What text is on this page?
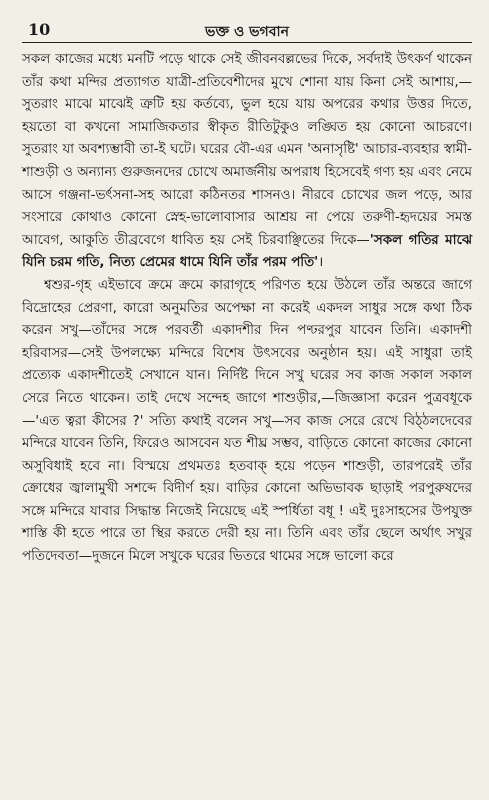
10	ভক্ত ও ভগবান

সকল কাজের মধ্যে মনটি পড়ে থাকে সেই জীবনবল্লভের দিকে, সর্বদাই উৎকর্ণ থাকেন তাঁর কথা মন্দির প্রত্যাগত যাত্রী-প্রতিবেশীদের মুখে শোনা যায় কিনা সেই আশায়,—সুতরাং মাঝে মাঝেই ত্রুটি হয় কর্তব্যে, ভুল হয়ে যায় অপরের কথার উত্তর দিতে, হয়তো বা কখনো সামাজিকতার স্বীকৃত রীতিটুকুও লঙ্ঘিত হয় কোনো আচরণে। সুতরাং যা অবশ্যম্ভাবী তা-ই ঘটে। ঘরের বৌ-এর এমন 'অনাসৃষ্টি' আচার-ব্যবহার স্বামী-শাশুড়ী ও অন্যান্য গুরুজনদের চোখে অমার্জনীয় অপরাধ হিসেবেই গণ্য হয় এবং নেমে আসে গঞ্জনা-ভর্ৎসনা-সহ আরো কঠিনতর শাসনও। নীরবে চোখের জল পড়ে, আর সংসারে কোথাও কোনো স্নেহ-ভালোবাসার আশ্রয় না পেয়ে তরুণী-হৃদয়ের সমস্ত আবেগ, আকুতি তীব্রবেগে ধাবিত হয় সেই চিরবাঞ্ছিতের দিকে—'সকল গতির মাঝে যিনি চরম গতি, নিত্য প্রেমের ধামে যিনি তাঁর পরম পতি'।

শ্বশুর-গৃহ এইভাবে ক্রমে ক্রমে কারাগৃহে পরিণত হয়ে উঠলে তাঁর অন্তরে জাগে বিদ্রোহের প্রেরণা, কারো অনুমতির অপেক্ষা না করেই একদল সাধুর সঙ্গে কথা ঠিক করেন সখু—তাঁদের সঙ্গে পরবর্তী একাদশীর দিন পণ্ঢরপুর যাবেন তিনি। একাদশী হরিবাসর—সেই উপলক্ষ্যে মন্দিরে বিশেষ উৎসবের অনুষ্ঠান হয়। এই সাধুরা তাই প্রত্যেক একাদশীতেই সেখানে যান। নির্দিষ্ট দিনে সখু ঘরের সব কাজ সকাল সকাল সেরে নিতে থাকেন। তাই দেখে সন্দেহ জাগে শাশুড়ীর,—জিজ্ঞাসা করেন পুত্রবধূকে—'এত ত্বরা কীসের ?' সত্যি কথাই বলেন সখু—সব কাজ সেরে রেখে বিঠ্ঠলদেবের মন্দিরে যাবেন তিনি, ফিরেও আসবেন যত শীঘ্র সম্ভব, বাড়িতে কোনো কাজের কোনো অসুবিধাই হবে না। বিস্ময়ে প্রথমতঃ হতবাক্ হয়ে পড়েন শাশুড়ী, তারপরেই তাঁর ক্রোধের জ্বালামুখী সশব্দে বিদীর্ণ হয়। বাড়ির কোনো অভিভাবক ছাড়াই পরপুরুষদের সঙ্গে মন্দিরে যাবার সিদ্ধান্ত নিজেই নিয়েছে এই স্পর্ধিতা বধূ ! এই দুঃসাহসের উপযুক্ত শাস্তি কী হতে পারে তা স্থির করতে দেরী হয় না। তিনি এবং তাঁর ছেলে অর্থাৎ সখুর পতিদেবতা—দুজনে মিলে সখুকে ঘরের ভিতরে থামের সঙ্গে ভালো করে
